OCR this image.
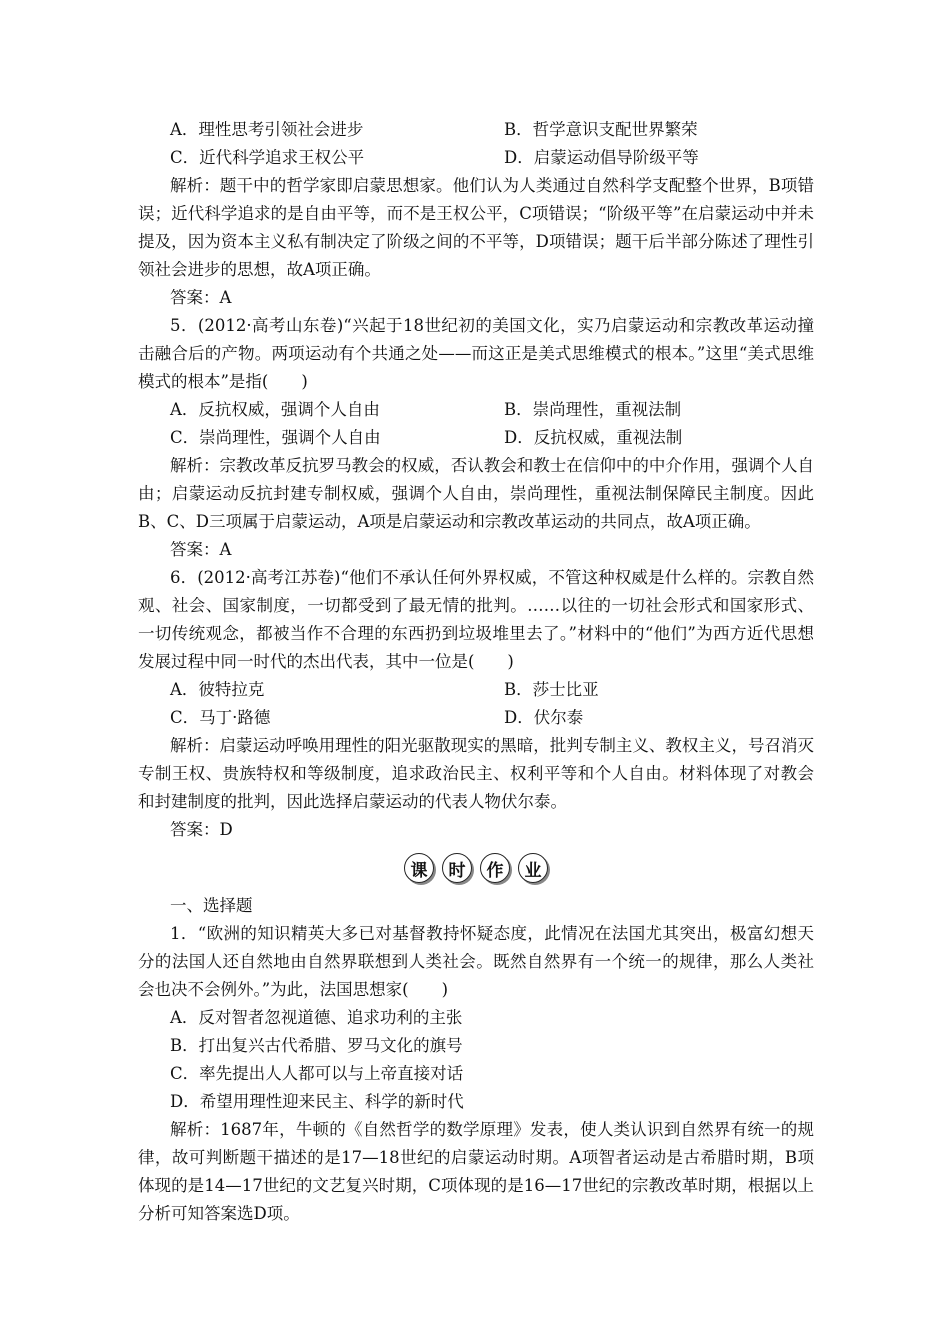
A．理性思考引领社会进步	B．哲学意识支配世界繁荣
C．近代科学追求王权公平	D．启蒙运动倡导阶级平等
解析：题干中的哲学家即启蒙思想家。他们认为人类通过自然科学支配整个世界，B项错误；近代科学追求的是自由平等，而不是王权公平，C项错误；“阶级平等”在启蒙运动中并未提及，因为资本主义私有制决定了阶级之间的不平等，D项错误；题干后半部分陈述了理性引领社会进步的思想，故A项正确。
答案：A
5．(2012·高考山东卷)“兴起于18世纪初的美国文化，实乃启蒙运动和宗教改革运动撞击融合后的产物。两项运动有个共通之处——而这正是美式思维模式的根本。”这里“美式思维模式的根本”是指(　　)
A．反抗权威，强调个人自由	B．崇尚理性，重视法制
C．崇尚理性，强调个人自由	D．反抗权威，重视法制
解析：宗教改革反抗罗马教会的权威，否认教会和教士在信仰中的中介作用，强调个人自由；启蒙运动反抗封建专制权威，强调个人自由，崇尚理性，重视法制保障民主制度。因此B、C、D三项属于启蒙运动，A项是启蒙运动和宗教改革运动的共同点，故A项正确。
答案：A
6．(2012·高考江苏卷)“他们不承认任何外界权威，不管这种权威是什么样的。宗教自然观、社会、国家制度，一切都受到了最无情的批判。……以往的一切社会形式和国家形式、一切传统观念，都被当作不合理的东西扔到垃圾堆里去了。”材料中的“他们”为西方近代思想发展过程中同一时代的杰出代表，其中一位是(　　)
A．彼特拉克	B．莎士比亚
C．马丁·路德	D．伏尔泰
解析：启蒙运动呼唤用理性的阳光驱散现实的黑暗，批判专制主义、教权主义，号召消灭专制王权、贵族特权和等级制度，追求政治民主、权利平等和个人自由。材料体现了对教会和封建制度的批判，因此选择启蒙运动的代表人物伏尔泰。
答案：D
课	时	作	业
一、选择题
1．“欧洲的知识精英大多已对基督教持怀疑态度，此情况在法国尤其突出，极富幻想天分的法国人还自然地由自然界联想到人类社会。既然自然界有一个统一的规律，那么人类社会也决不会例外。”为此，法国思想家(　　)
A．反对智者忽视道德、追求功利的主张
B．打出复兴古代希腊、罗马文化的旗号
C．率先提出人人都可以与上帝直接对话
D．希望用理性迎来民主、科学的新时代
解析：1687年，牛顿的《自然哲学的数学原理》发表，使人类认识到自然界有统一的规律，故可判断题干描述的是17—18世纪的启蒙运动时期。A项智者运动是古希腊时期，B项体现的是14—17世纪的文艺复兴时期，C项体现的是16—17世纪的宗教改革时期，根据以上分析可知答案选D项。
